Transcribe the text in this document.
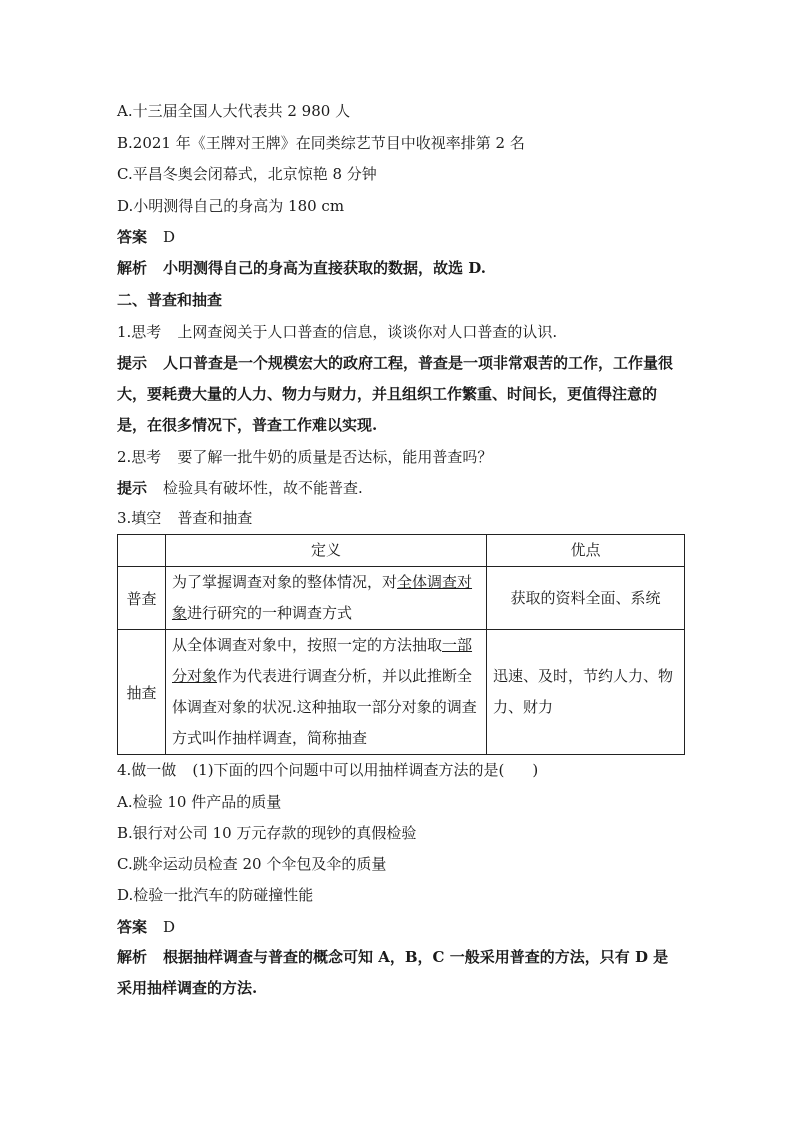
A.十三届全国人大代表共 2 980 人
B.2021 年《王牌对王牌》在同类综艺节目中收视率排第 2 名
C.平昌冬奥会闭幕式，北京惊艳 8 分钟
D.小明测得自己的身高为 180 cm
答案 D
解析 小明测得自己的身高为直接获取的数据，故选 D.
二、普查和抽查
1.思考 上网查阅关于人口普查的信息，谈谈你对人口普查的认识.
提示 人口普查是一个规模宏大的政府工程，普查是一项非常艰苦的工作，工作量很大，要耗费大量的人力、物力与财力，并且组织工作繁重、时间长，更值得注意的是，在很多情况下，普查工作难以实现.
2.思考 要了解一批牛奶的质量是否达标，能用普查吗？
提示 检验具有破坏性，故不能普查.
3.填空 普查和抽查
	定义	优点
普查	为了掌握调查对象的整体情况，对全体调查对象进行研究的一种调查方式	获取的资料全面、系统
抽查	从全体调查对象中，按照一定的方法抽取一部分对象作为代表进行调查分析，并以此推断全体调查对象的状况.这种抽取一部分对象的调查方式叫作抽样调查，简称抽查	迅速、及时，节约人力、物力、财力
4.做一做 (1)下面的四个问题中可以用抽样调查方法的是( )
A.检验 10 件产品的质量
B.银行对公司 10 万元存款的现钞的真假检验
C.跳伞运动员检查 20 个伞包及伞的质量
D.检验一批汽车的防碰撞性能
答案 D
解析 根据抽样调查与普查的概念可知 A，B，C 一般采用普查的方法，只有 D 是采用抽样调查的方法.
